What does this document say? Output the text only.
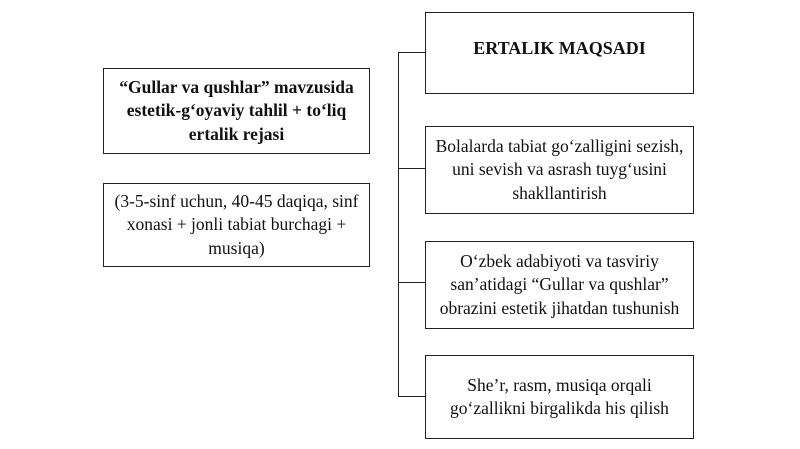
“Gullar va qushlar” mavzusida estetik-g‘oyaviy tahlil + to‘liq ertalik rejasi
(3-5-sinf uchun, 40-45 daqiqa, sinf xonasi + jonli tabiat burchagi + musiqa)
ERTALIK MAQSADI
Bolalarda tabiat go‘zalligini sezish, uni sevish va asrash tuyg‘usini shakllantirish
O‘zbek adabiyoti va tasviriy san’atidagi “Gullar va qushlar” obrazini estetik jihatdan tushunish
She’r, rasm, musiqa orqali go‘zallikni birgalikda his qilish
